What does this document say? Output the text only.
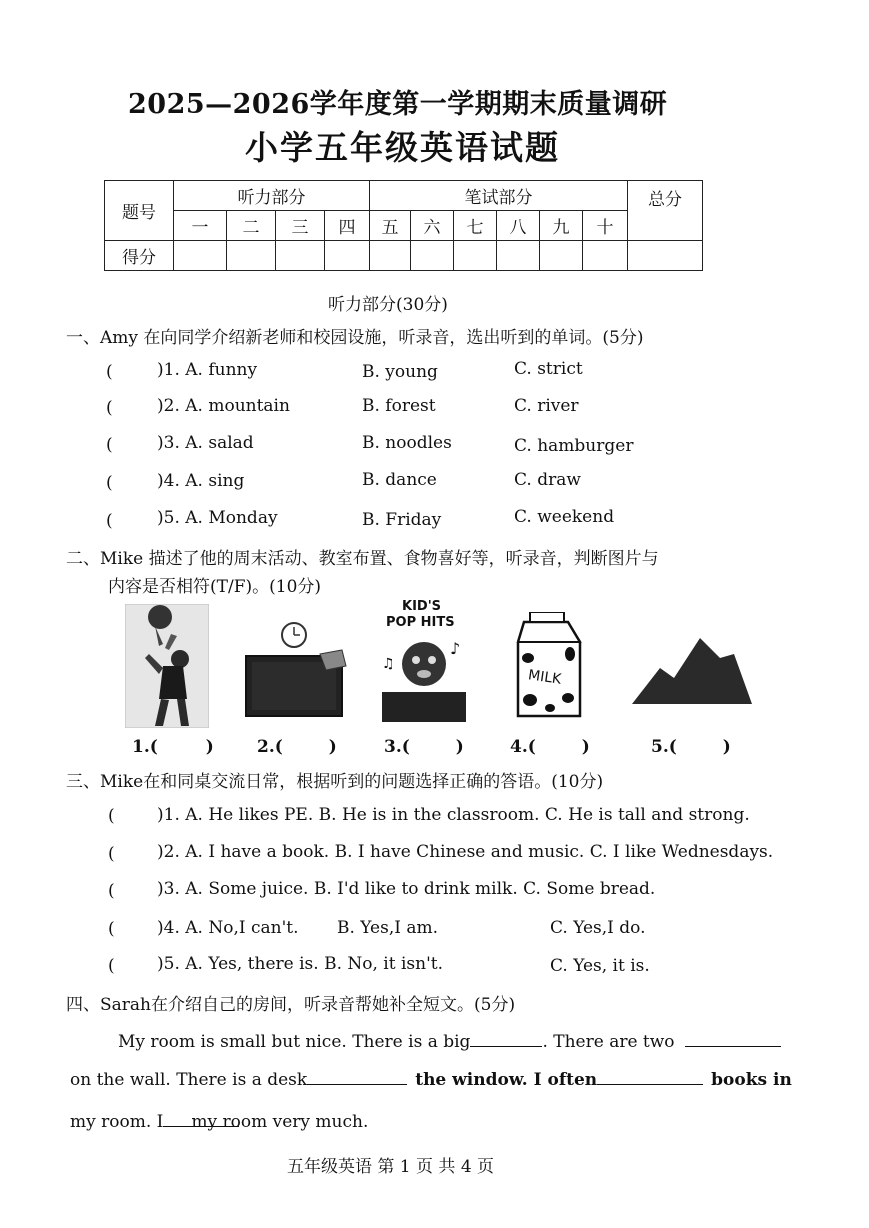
2025—2026学年度第一学期期末质量调研
小学五年级英语试题
题号	听力部分				笔试部分						总分
	一	二	三	四	五	六	七	八	九	十	
得分											
听力部分(30分)
一、Amy 在向同学介绍新老师和校园设施，听录音，选出听到的单词。(5分)
(	)1. A. funny	B. young	C. strict
(	)2. A. mountain	B. forest	C. river
(	)3. A. salad	B. noodles	C. hamburger
(	)4. A. sing	B. dance	C. draw
(	)5. A. Monday	B. Friday	C. weekend
二、Mike 描述了他的周末活动、教室布置、食物喜好等，听录音，判断图片与
内容是否相符(T/F)。(10分)
KID'S
POP HITS
♪
♫
MILK
1.(	)	2.(	)	3.(	)	4.(	)	5.(	)
三、Mike在和同桌交流日常，根据听到的问题选择正确的答语。(10分)
( )1. A. He likes PE. B. He is in the classroom. C. He is tall and strong.
( )2. A. I have a book. B. I have Chinese and music. C. I like Wednesdays.
( )3. A. Some juice. B. I'd like to drink milk. C. Some bread.
( )4. A. No,I can't. B. Yes,I am.	C. Yes,I do.
( )5. A. Yes, there is. B. No, it isn't.	C. Yes, it is.
四、Sarah在介绍自己的房间，听录音帮她补全短文。(5分)
My room is small but nice. There is a big	. There are two
on the wall. There is a desk	the window. I often	books in
my room. I my room very much.
五年级英语 第 1 页 共 4 页
